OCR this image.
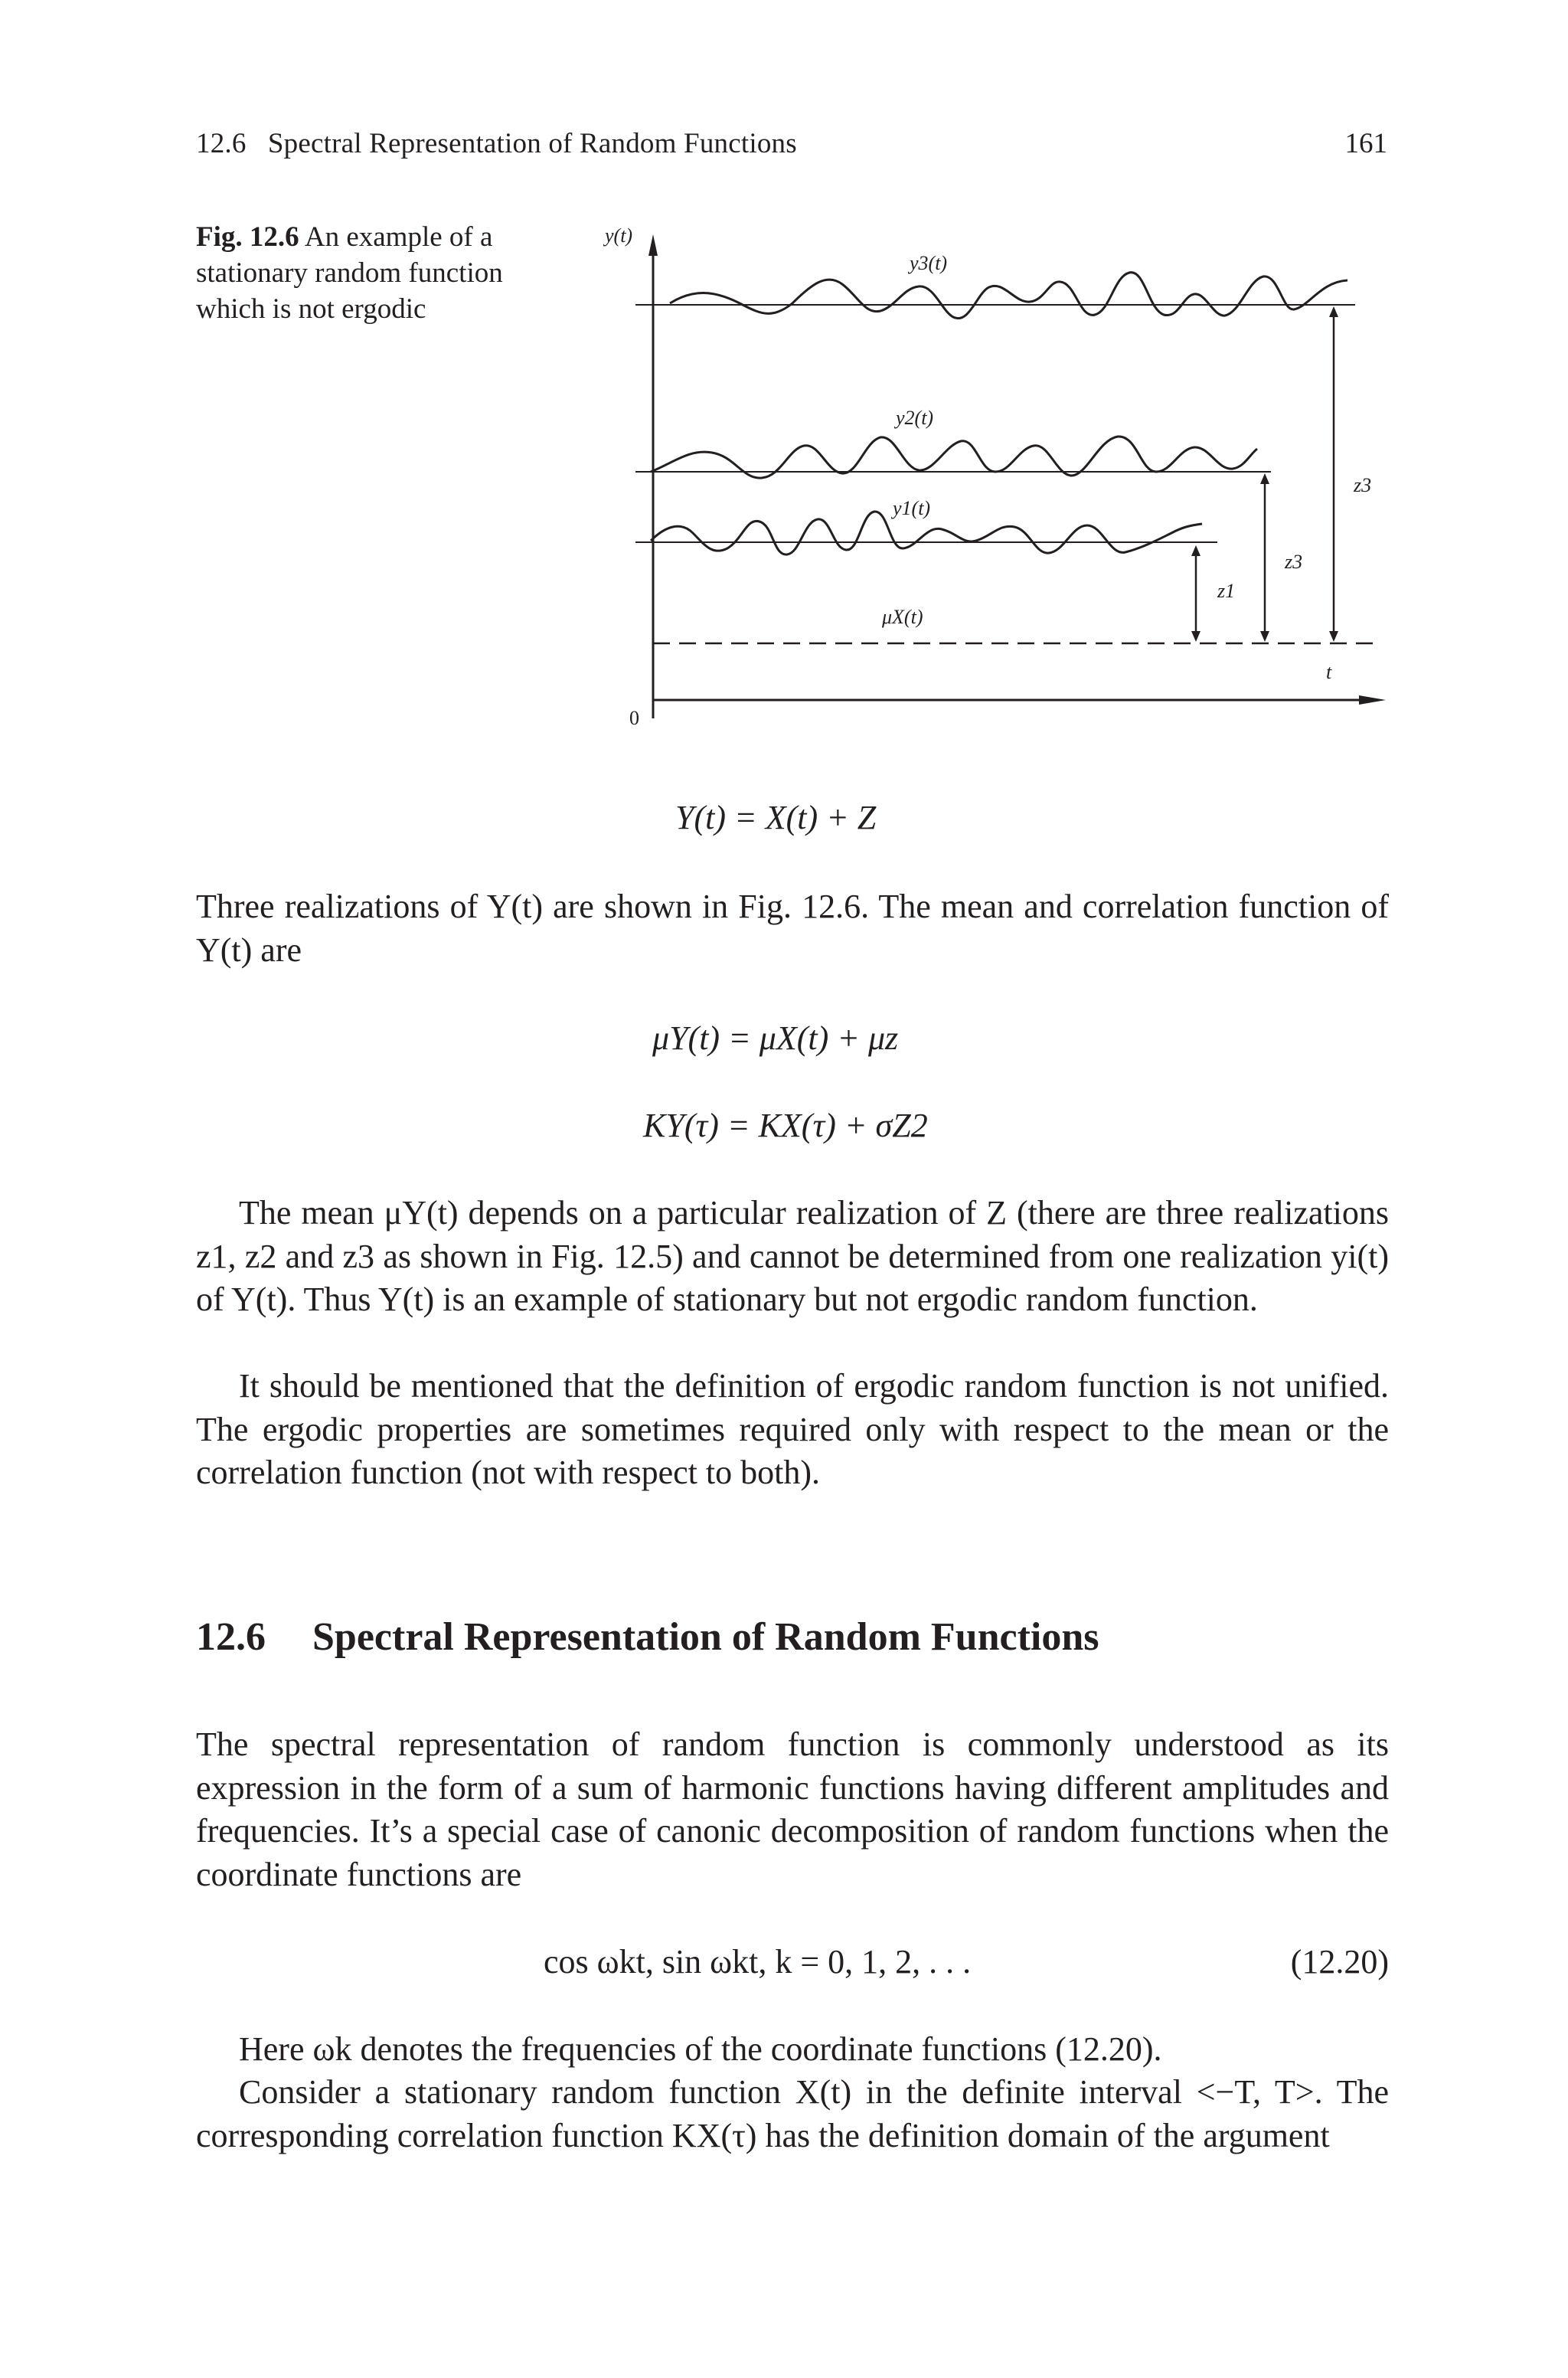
12.6   Spectral Representation of Random Functions	161
Fig. 12.6 An example of a stationary random function which is not ergodic
y(t)
t
0
y3(t)
y2(t)
y1(t)
μX(t)
z1
z3
z3
Y(t) = X(t) + Z
Three realizations of Y(t) are shown in Fig. 12.6. The mean and correlation function of Y(t) are
μY(t) = μX(t) + μz
KY(τ) = KX(τ) + σZ2
The mean μY(t) depends on a particular realization of Z (there are three realizations z1, z2 and z3 as shown in Fig. 12.5) and cannot be determined from one realization yi(t) of Y(t). Thus Y(t) is an example of stationary but not ergodic random function.
It should be mentioned that the definition of ergodic random function is not unified. The ergodic properties are sometimes required only with respect to the mean or the correlation function (not with respect to both).
12.6 Spectral Representation of Random Functions
The spectral representation of random function is commonly understood as its expression in the form of a sum of harmonic functions having different amplitudes and frequencies. It’s a special case of canonic decomposition of random functions when the coordinate functions are
cos ωkt, sin ωkt, k = 0, 1, 2, . . .	(12.20)
Here ωk denotes the frequencies of the coordinate functions (12.20).
Consider a stationary random function X(t) in the definite interval <−T, T>. The corresponding correlation function KX(τ) has the definition domain of the argument
